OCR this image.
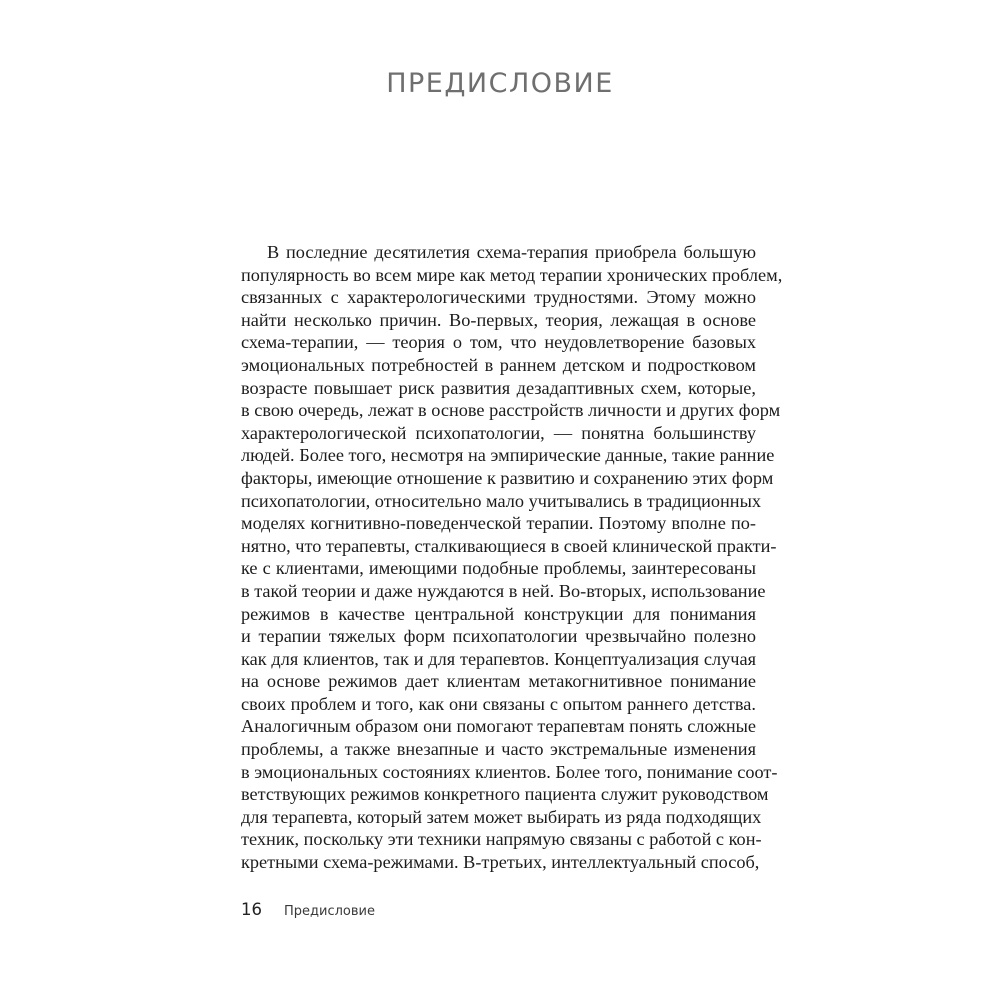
ПРЕДИСЛОВИЕ
В последние десятилетия схема-терапия приобрела большую
популярность во всем мире как метод терапии хронических проблем,
связанных с характерологическими трудностями. Этому можно
найти несколько причин. Во-первых, теория, лежащая в основе
схема-терапии, — теория о том, что неудовлетворение базовых
эмоциональных потребностей в раннем детском и подростковом
возрасте повышает риск развития дезадаптивных схем, которые,
в свою очередь, лежат в основе расстройств личности и других форм
характерологической психопатологии, — понятна большинству
людей. Более того, несмотря на эмпирические данные, такие ранние
факторы, имеющие отношение к развитию и сохранению этих форм
психопатологии, относительно мало учитывались в традиционных
моделях когнитивно-поведенческой терапии. Поэтому вполне по-
нятно, что терапевты, сталкивающиеся в своей клинической практи-
ке с клиентами, имеющими подобные проблемы, заинтересованы
в такой теории и даже нуждаются в ней. Во-вторых, использование
режимов в качестве центральной конструкции для понимания
и терапии тяжелых форм психопатологии чрезвычайно полезно
как для клиентов, так и для терапевтов. Концептуализация случая
на основе режимов дает клиентам метакогнитивное понимание
своих проблем и того, как они связаны с опытом раннего детства.
Аналогичным образом они помогают терапевтам понять сложные
проблемы, а также внезапные и часто экстремальные изменения
в эмоциональных состояниях клиентов. Более того, понимание соот-
ветствующих режимов конкретного пациента служит руководством
для терапевта, который затем может выбирать из ряда подходящих
техник, поскольку эти техники напрямую связаны с работой с кон-
кретными схема-режимами. В-третьих, интеллектуальный способ,
16 Предисловие
